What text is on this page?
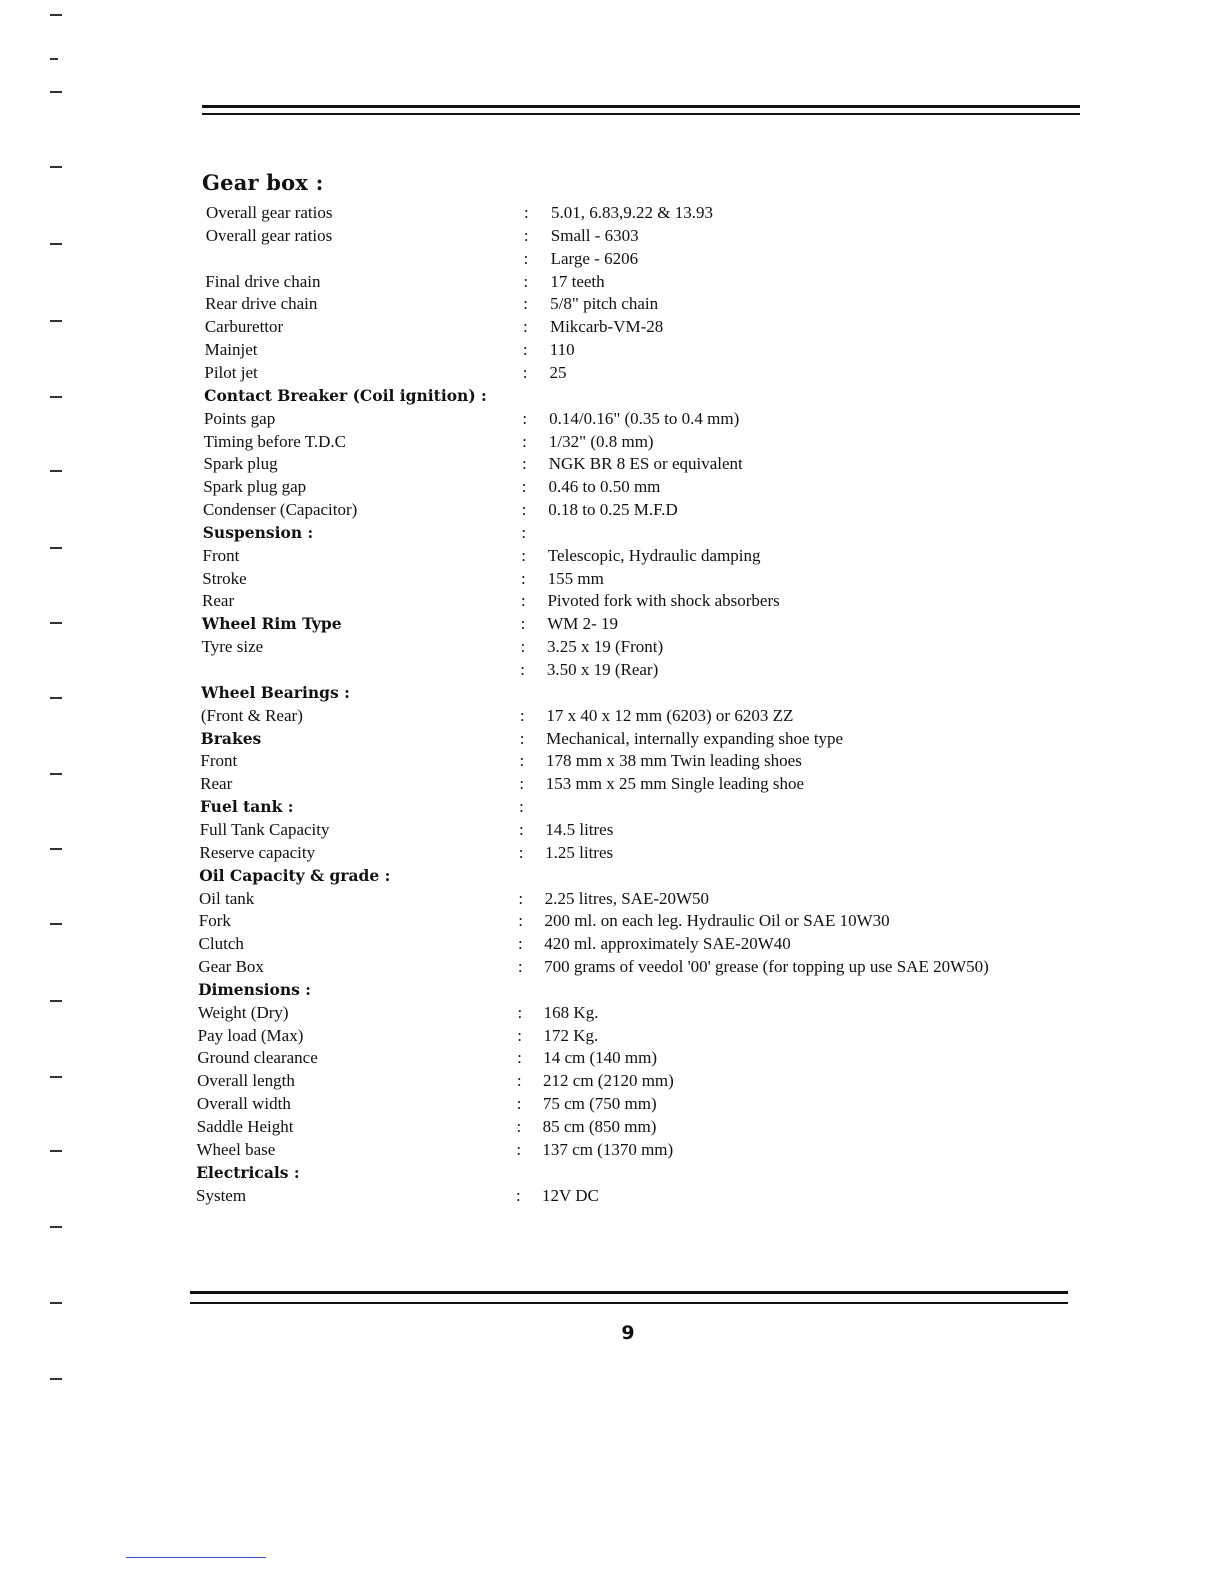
Gear box :
Overall gear ratios	: 5.01, 6.83,9.22 & 13.93
Overall gear ratios	: Small - 6303
: Large - 6206
Final drive chain	: 17 teeth
Rear drive chain	: 5/8" pitch chain
Carburettor	: Mikcarb-VM-28
Mainjet	: 110
Pilot jet	: 25
Contact Breaker (Coil ignition) :
Points gap	: 0.14/0.16" (0.35 to 0.4 mm)
Timing before T.D.C	: 1/32" (0.8 mm)
Spark plug	: NGK BR 8 ES or equivalent
Spark plug gap	: 0.46 to 0.50 mm
Condenser (Capacitor)	: 0.18 to 0.25 M.F.D
Suspension :	:
Front	: Telescopic, Hydraulic damping
Stroke	: 155 mm
Rear	: Pivoted fork with shock absorbers
Wheel Rim Type	: WM 2- 19
Tyre size	: 3.25 x 19 (Front)
: 3.50 x 19 (Rear)
Wheel Bearings :
(Front & Rear)	: 17 x 40 x 12 mm (6203) or 6203 ZZ
Brakes	: Mechanical, internally expanding shoe type
Front	: 178 mm x 38 mm Twin leading shoes
Rear	: 153 mm x 25 mm Single leading shoe
Fuel tank :	:
Full Tank Capacity	: 14.5 litres
Reserve capacity	: 1.25 litres
Oil Capacity & grade :
Oil tank	: 2.25 litres, SAE-20W50
Fork	: 200 ml. on each leg. Hydraulic Oil or SAE 10W30
Clutch	: 420 ml. approximately SAE-20W40
Gear Box	: 700 grams of veedol '00' grease (for topping up use SAE 20W50)
Dimensions :
Weight (Dry)	: 168 Kg.
Pay load (Max)	: 172 Kg.
Ground clearance	: 14 cm (140 mm)
Overall length	: 212 cm (2120 mm)
Overall width	: 75 cm (750 mm)
Saddle Height	: 85 cm (850 mm)
Wheel base	: 137 cm (1370 mm)
Electricals :
System	: 12V DC
9
